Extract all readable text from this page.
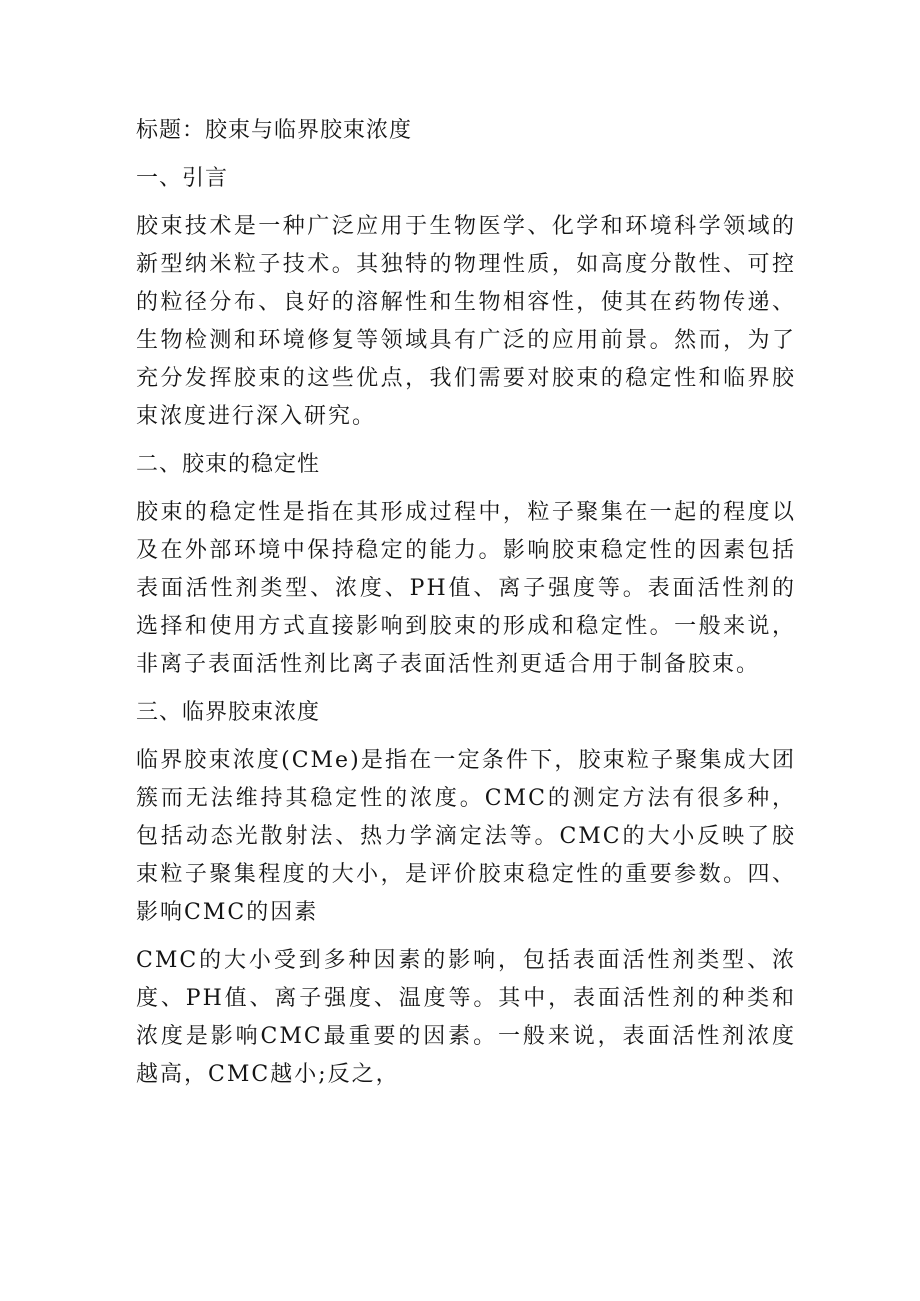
标题：胶束与临界胶束浓度
一、引言
胶束技术是一种广泛应用于生物医学、化学和环境科学领域的新型纳米粒子技术。其独特的物理性质，如高度分散性、可控的粒径分布、良好的溶解性和生物相容性，使其在药物传递、生物检测和环境修复等领域具有广泛的应用前景。然而，为了充分发挥胶束的这些优点，我们需要对胶束的稳定性和临界胶束浓度进行深入研究。
二、胶束的稳定性
胶束的稳定性是指在其形成过程中，粒子聚集在一起的程度以及在外部环境中保持稳定的能力。影响胶束稳定性的因素包括表面活性剂类型、浓度、PH值、离子强度等。表面活性剂的选择和使用方式直接影响到胶束的形成和稳定性。一般来说，非离子表面活性剂比离子表面活性剂更适合用于制备胶束。
三、临界胶束浓度
临界胶束浓度(CMe)是指在一定条件下，胶束粒子聚集成大团簇而无法维持其稳定性的浓度。CMC的测定方法有很多种，包括动态光散射法、热力学滴定法等。CMC的大小反映了胶束粒子聚集程度的大小，是评价胶束稳定性的重要参数。四、影响CMC的因素
CMC的大小受到多种因素的影响，包括表面活性剂类型、浓度、PH值、离子强度、温度等。其中，表面活性剂的种类和浓度是影响CMC最重要的因素。一般来说，表面活性剂浓度越高，CMC越小;反之，
